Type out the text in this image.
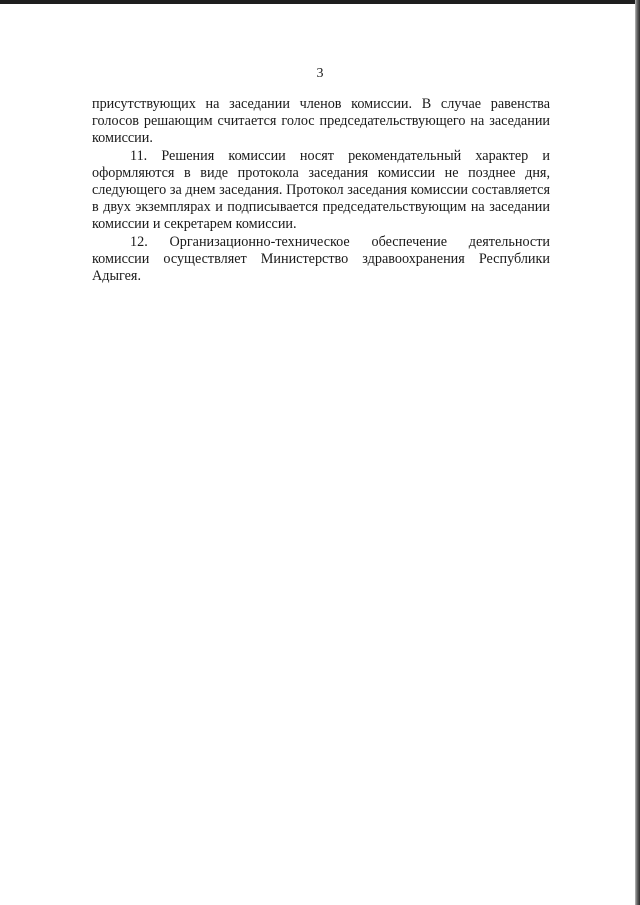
3

присутствующих на заседании членов комиссии. В случае равенства голосов решающим считается голос председательствующего на заседании комиссии.

11. Решения комиссии носят рекомендательный характер и оформляются в виде протокола заседания комиссии не позднее дня, следующего за днем заседания. Протокол заседания комиссии составляется в двух экземплярах и подписывается председательствующим на заседании комиссии и секретарем комиссии.

12. Организационно-техническое обеспечение деятельности комиссии осуществляет Министерство здравоохранения Республики Адыгея.
